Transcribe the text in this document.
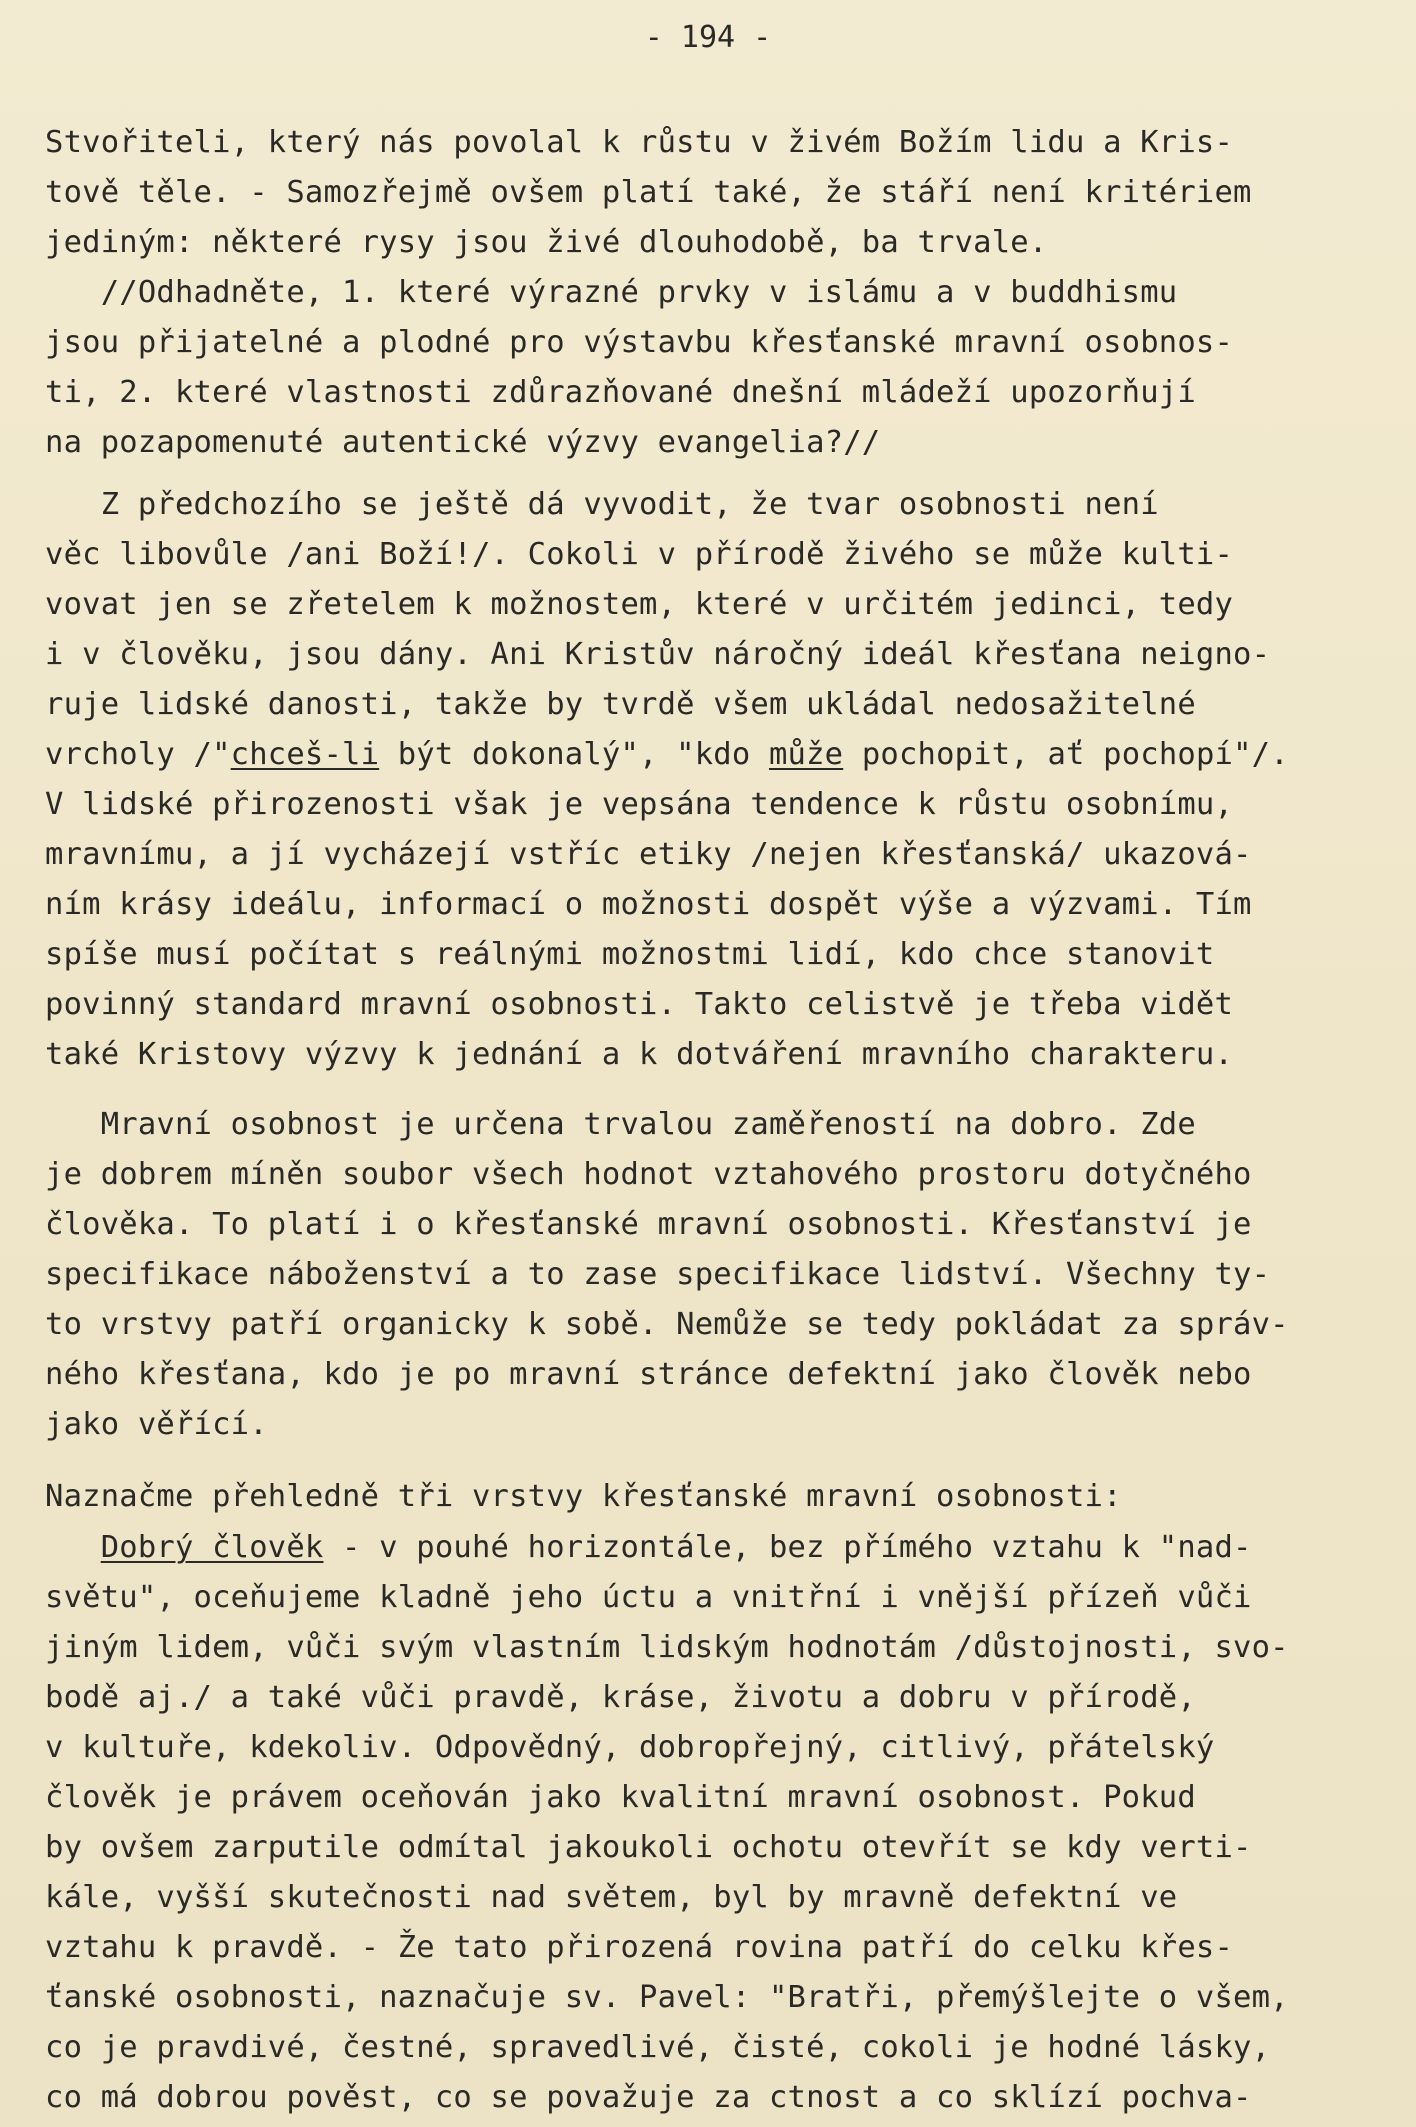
- 194 -
Stvořiteli, který nás povolal k růstu v živém Božím lidu a Kris-
tově těle. - Samozřejmě ovšem platí také, že stáří není kritériem
jediným: některé rysy jsou živé dlouhodobě, ba trvale.
//Odhadněte, 1. které výrazné prvky v islámu a v buddhismu
jsou přijatelné a plodné pro výstavbu křesťanské mravní osobnos-
ti, 2. které vlastnosti zdůrazňované dnešní mládeží upozorňují
na pozapomenuté autentické výzvy evangelia?//
Z předchozího se ještě dá vyvodit, že tvar osobnosti není
věc libovůle /ani Boží!/. Cokoli v přírodě živého se může kulti-
vovat jen se zřetelem k možnostem, které v určitém jedinci, tedy
i v člověku, jsou dány. Ani Kristův náročný ideál křesťana neigno-
ruje lidské danosti, takže by tvrdě všem ukládal nedosažitelné
vrcholy /"chceš-li být dokonalý", "kdo může pochopit, ať pochopí"/.
V lidské přirozenosti však je vepsána tendence k růstu osobnímu,
mravnímu, a jí vycházejí vstříc etiky /nejen křesťanská/ ukazová-
ním krásy ideálu, informací o možnosti dospět výše a výzvami. Tím
spíše musí počítat s reálnými možnostmi lidí, kdo chce stanovit
povinný standard mravní osobnosti. Takto celistvě je třeba vidět
také Kristovy výzvy k jednání a k dotváření mravního charakteru.
Mravní osobnost je určena trvalou zaměřeností na dobro. Zde
je dobrem míněn soubor všech hodnot vztahového prostoru dotyčného
člověka. To platí i o křesťanské mravní osobnosti. Křesťanství je
specifikace náboženství a to zase specifikace lidství. Všechny ty-
to vrstvy patří organicky k sobě. Nemůže se tedy pokládat za správ-
ného křesťana, kdo je po mravní stránce defektní jako člověk nebo
jako věřící.
Naznačme přehledně tři vrstvy křesťanské mravní osobnosti:
Dobrý člověk - v pouhé horizontále, bez přímého vztahu k "nad-
světu", oceňujeme kladně jeho úctu a vnitřní i vnější přízeň vůči
jiným lidem, vůči svým vlastním lidským hodnotám /důstojnosti, svo-
bodě aj./ a také vůči pravdě, kráse, životu a dobru v přírodě,
v kultuře, kdekoliv. Odpovědný, dobropřejný, citlivý, přátelský
člověk je právem oceňován jako kvalitní mravní osobnost. Pokud
by ovšem zarputile odmítal jakoukoli ochotu otevřít se kdy verti-
kále, vyšší skutečnosti nad světem, byl by mravně defektní ve
vztahu k pravdě. - Že tato přirozená rovina patří do celku křes-
ťanské osobnosti, naznačuje sv. Pavel: "Bratři, přemýšlejte o všem,
co je pravdivé, čestné, spravedlivé, čisté, cokoli je hodné lásky,
co má dobrou pověst, co se považuje za ctnost a co sklízí pochva-
